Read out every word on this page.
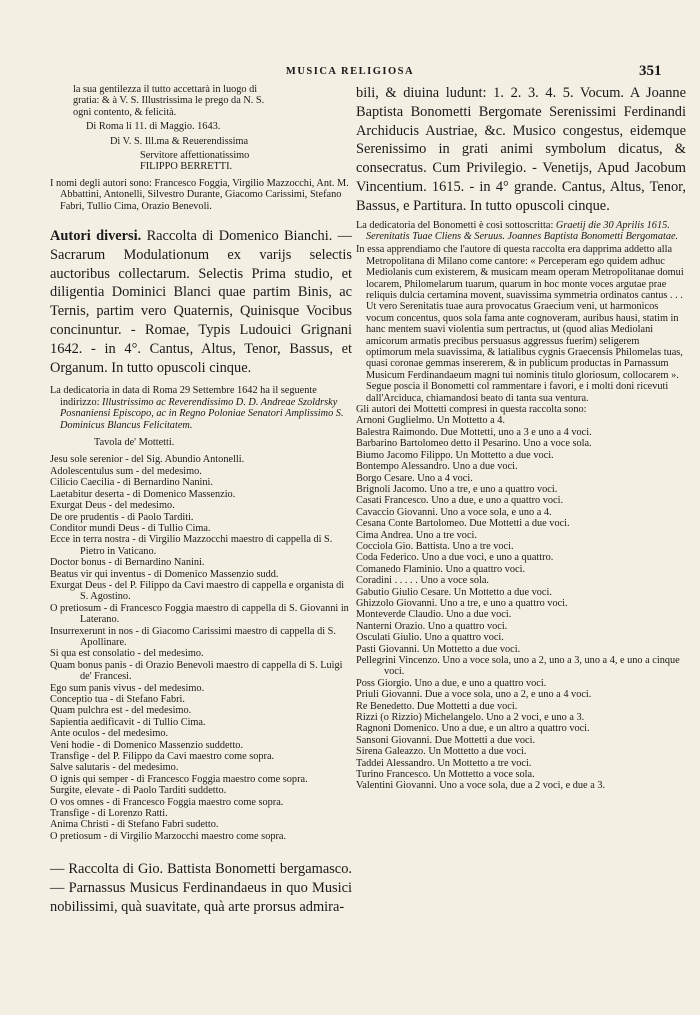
MUSICA RELIGIOSA	351

la sua gentilezza il tutto accettarà in luogo di

gratia: & à V. S. Illustrissima le prego da N. S.

ogni contento, & felicità.

Di Roma li 11. di Maggio. 1643.

Di V. S. Ill.ma & Reuerendissima

Servitore affettionatissimo

FILIPPO BERRETTI.

I nomi degli autori sono: Francesco Foggia, Virgilio Mazzocchi, Ant. M. Abbattini, Antonelli, Silvestro Durante, Giacomo Carissimi, Stefano Fabri, Tullio Cima, Orazio Benevoli.

Autori diversi. Raccolta di Domenico Bianchi. — Sacrarum Modulationum ex varijs selectis auctoribus collectarum. Selectis Prima studio, et diligentia Dominici Blanci quae partim Binis, ac Ternis, partim vero Quaternis, Quinisque Vocibus concinuntur. - Romae, Typis Ludouici Grignani 1642. - in 4°. Cantus, Altus, Tenor, Bassus, et Organum. In tutto opuscoli cinque.

La dedicatoria in data di Roma 29 Settembre 1642 ha il seguente indirizzo: Illustrissimo ac Reverendissimo D. D. Andreae Szoldrsky Posnaniensi Episcopo, ac in Regno Poloniae Senatori Amplissimo S. Dominicus Blancus Felicitatem.

Tavola de' Mottetti.

Jesu sole serenior - del Sig. Abundio Antonelli.

Adolescentulus sum - del medesimo.

Cilicio Caecilia - di Bernardino Nanini.

Laetabitur deserta - di Domenico Massenzio.

Exurgat Deus - del medesimo.

De ore prudentis - di Paolo Tarditi.

Conditor mundi Deus - di Tullio Cima.

Ecce in terra nostra - di Virgilio Mazzocchi maestro di cappella di S. Pietro in Vaticano.

Doctor bonus - di Bernardino Nanini.

Beatus vir qui inventus - di Domenico Massenzio sudd.

Exurgat Deus - del P. Filippo da Cavi maestro di cappella e organista di S. Agostino.

O pretiosum - di Francesco Foggia maestro di cappella di S. Giovanni in Laterano.

Insurrexerunt in nos - di Giacomo Carissimi maestro di cappella di S. Apollinare.

Si qua est consolatio - del medesimo.

Quam bonus panis - di Orazio Benevoli maestro di cappella di S. Luigi de' Francesi.

Ego sum panis vivus - del medesimo.

Conceptio tua - di Stefano Fabri.

Quam pulchra est - del medesimo.

Sapientia aedificavit - di Tullio Cima.

Ante oculos - del medesimo.

Veni hodie - di Domenico Massenzio suddetto.

Transfige - del P. Filippo da Cavi maestro come sopra.

Salve salutaris - del medesimo.

O ignis qui semper - di Francesco Foggia maestro come sopra.

Surgite, elevate - di Paolo Tarditi suddetto.

O vos omnes - di Francesco Foggia maestro come sopra.

Transfige - di Lorenzo Ratti.

Anima Christi - di Stefano Fabri sudetto.

O pretiosum - di Virgilio Marzocchi maestro come sopra.

— Raccolta di Gio. Battista Bonometti bergamasco. — Parnassus Musicus Ferdinandaeus in quo Musici nobilissimi, quà suavitate, quà arte prorsus admira-

bili, & diuina ludunt: 1. 2. 3. 4. 5. Vocum. A Joanne Baptista Bonometti Bergomate Serenissimi Ferdinandi Archiducis Austriae, &c. Musico congestus, eidemque Serenissimo in grati animi symbolum dicatus, & consecratus. Cum Privilegio. - Venetijs, Apud Jacobum Vincentium. 1615. - in 4° grande. Cantus, Altus, Tenor, Bassus, e Partitura. In tutto opuscoli cinque.

La dedicatoria del Bonometti è così sottoscritta: Graetij die 30 Aprilis 1615. Serenitatis Tuae Cliens & Seruus. Joannes Baptista Bonometti Bergomatae.

In essa apprendiamo che l'autore di questa raccolta era dapprima addetto alla Metropolitana di Milano come cantore: « Perceperam ego quidem adhuc Mediolanis cum existerem, & musicam meam operam Metropolitanae domui locarem, Philomelarum tuarum, quarum in hoc monte voces argutae prae reliquis dulcia certamina movent, suavissima symmetria ordinatos cantus . . . Ut vero Serenitatis tuae aura provocatus Graecium veni, ut harmonicos vocum concentus, quos sola fama ante cognoveram, auribus hausi, statim in hanc mentem suavi violentia sum pertractus, ut (quod alias Mediolani amicorum armatis precibus persuasus aggressus fuerim) seligerem optimorum mela suavissima, & latialibus cygnis Graecensis Philomelas tuas, quasi coronae gemmas insererem, & in publicum productas in Parnassum Musicum Ferdinandaeum magni tui nominis titulo gloriosum, collocarem ». Segue poscia il Bonometti col rammentare i favori, e i molti doni ricevuti dall'Arciduca, chiamandosi beato di tanta sua ventura.

Gli autori dei Mottetti compresi in questa raccolta sono:

Arnoni Guglielmo. Un Mottetto a 4.

Balestra Raimondo. Due Mottetti, uno a 3 e uno a 4 voci.

Barbarino Bartolomeo detto il Pesarino. Uno a voce sola.

Biumo Jacomo Filippo. Un Mottetto a due voci.

Bontempo Alessandro. Uno a due voci.

Borgo Cesare. Uno a 4 voci.

Brignoli Jacomo. Uno a tre, e uno a quattro voci.

Casati Francesco. Uno a due, e uno a quattro voci.

Cavaccio Giovanni. Uno a voce sola, e uno a 4.

Cesana Conte Bartolomeo. Due Mottetti a due voci.

Cima Andrea. Uno a tre voci.

Cocciola Gio. Battista. Uno a tre voci.

Coda Federico. Uno a due voci, e uno a quattro.

Comanedo Flaminio. Uno a quattro voci.

Coradini . . . . . Uno a voce sola.

Gabutio Giulio Cesare. Un Mottetto a due voci.

Ghizzolo Giovanni. Uno a tre, e uno a quattro voci.

Monteverde Claudio. Uno a due voci.

Nanterni Orazio. Uno a quattro voci.

Osculati Giulio. Uno a quattro voci.

Pasti Giovanni. Un Mottetto a due voci.

Pellegrini Vincenzo. Uno a voce sola, uno a 2, uno a 3, uno a 4, e uno a cinque voci.

Poss Giorgio. Uno a due, e uno a quattro voci.

Priuli Giovanni. Due a voce sola, uno a 2, e uno a 4 voci.

Re Benedetto. Due Mottetti a due voci.

Rizzi (o Rizzio) Michelangelo. Uno a 2 voci, e uno a 3.

Ragnoni Domenico. Uno a due, e un altro a quattro voci.

Sansoni Giovanni. Due Mottetti a due voci.

Sirena Galeazzo. Un Mottetto a due voci.

Taddei Alessandro. Un Mottetto a tre voci.

Turino Francesco. Un Mottetto a voce sola.

Valentini Giovanni. Uno a voce sola, due a 2 voci, e due a 3.
